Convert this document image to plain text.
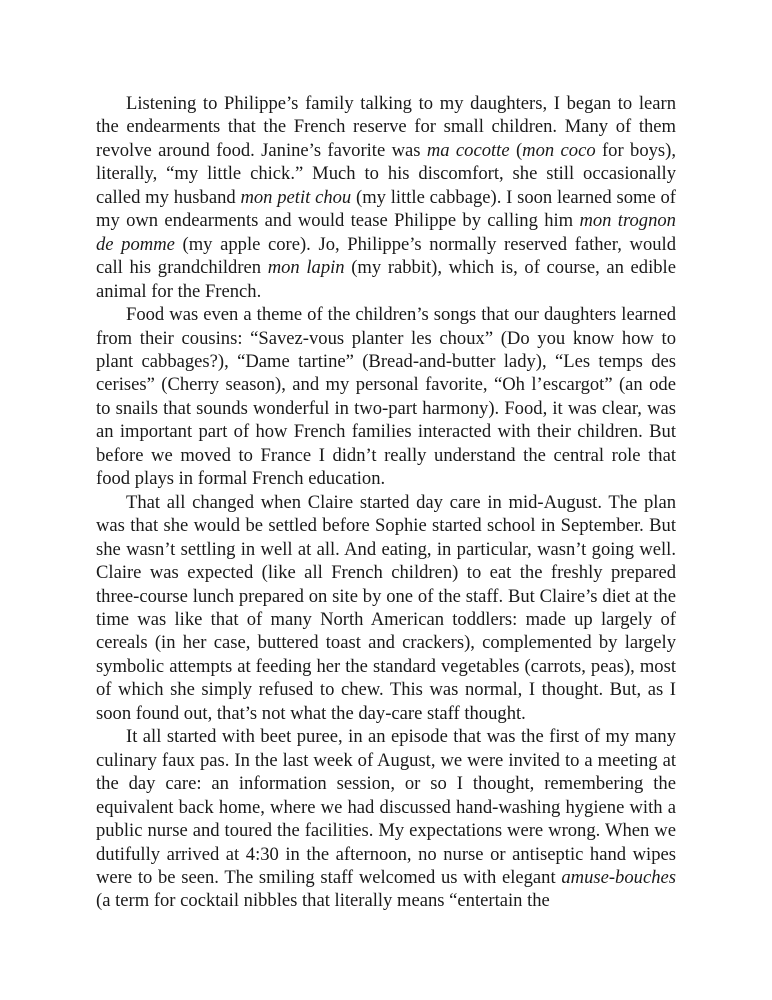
Listening to Philippe’s family talking to my daughters, I began to learn the endearments that the French reserve for small children. Many of them revolve around food. Janine’s favorite was ma cocotte (mon coco for boys), literally, “my little chick.” Much to his discomfort, she still occasionally called my husband mon petit chou (my little cabbage). I soon learned some of my own endearments and would tease Philippe by calling him mon trognon de pomme (my apple core). Jo, Philippe’s normally reserved father, would call his grandchildren mon lapin (my rabbit), which is, of course, an edible animal for the French.

Food was even a theme of the children’s songs that our daughters learned from their cousins: “Savez-vous planter les choux” (Do you know how to plant cabbages?), “Dame tartine” (Bread-and-butter lady), “Les temps des cerises” (Cherry season), and my personal favorite, “Oh l’escargot” (an ode to snails that sounds wonderful in two-part harmony). Food, it was clear, was an important part of how French families interacted with their children. But before we moved to France I didn’t really understand the central role that food plays in formal French education.

That all changed when Claire started day care in mid-August. The plan was that she would be settled before Sophie started school in September. But she wasn’t settling in well at all. And eating, in particular, wasn’t going well. Claire was expected (like all French children) to eat the freshly prepared three-course lunch prepared on site by one of the staff. But Claire’s diet at the time was like that of many North American toddlers: made up largely of cereals (in her case, buttered toast and crackers), complemented by largely symbolic attempts at feeding her the standard vegetables (carrots, peas), most of which she simply refused to chew. This was normal, I thought. But, as I soon found out, that’s not what the day-care staff thought.

It all started with beet puree, in an episode that was the first of my many culinary faux pas. In the last week of August, we were invited to a meeting at the day care: an information session, or so I thought, remembering the equivalent back home, where we had discussed hand-washing hygiene with a public nurse and toured the facilities. My expectations were wrong. When we dutifully arrived at 4:30 in the afternoon, no nurse or antiseptic hand wipes were to be seen. The smiling staff welcomed us with elegant amuse-bouches (a term for cocktail nibbles that literally means “entertain the
